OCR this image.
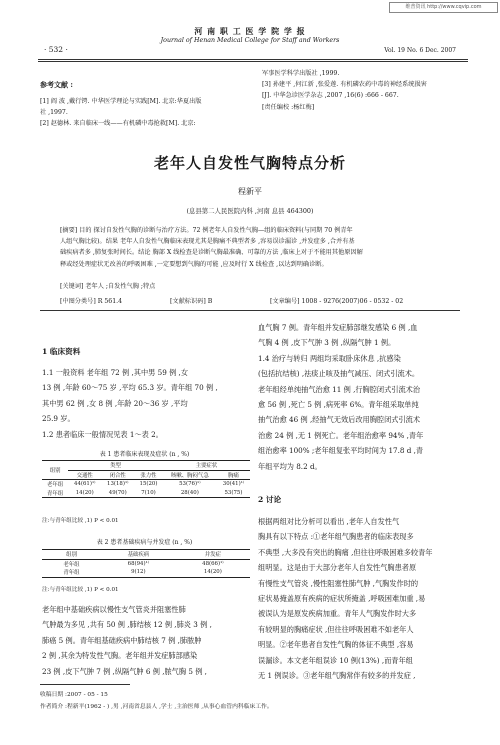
维普资讯 http://www.cqvip.com
河 南 职 工 医 学 院 学 报
Journal of Henan Medical College for Staff and Workers
· 532 ·	Vol. 19 No. 6 Dec. 2007
参考文献 :
[1] 阎 波 ,戴行锷. 中华医学理论与实践[M]. 北京:华夏出版
社 ,1997.
[2] 赵德林. 来自临床一线——有机磷中毒抢救[M]. 北京:
军事医学科学出版社 ,1999.
[3] 孙建平 ,何江新 ,张爱莲. 有机磷农药中毒的神经系统损害
[J]. 中华急诊医学杂志 ,2007 ,16(6) :666 - 667.
[责任编校 :杨红梅]
老年人自发性气胸特点分析
程新平
(息县第二人民医院内科 ,河南 息县 464300)
[摘要] 目的 探讨自发性气胸的诊断与治疗方法。72 例老年人自发性气胸—组的临床资料(与同期 70 例青年
人组气胸比较)。结果 老年人自发性气胸临床表现尤其是胸痛不典型者多 ,容易误诊漏诊 ,并发症多 ,合并有基
础疾病者多 ,肺复张时间长。结论 胸部 X 线检查是诊断气胸最准确、可靠的方法 ,临床上对于不能用其他原因解
释或经处理症状无改善的呼吸困难 ,一定要想到气胸的可能 ,应及时行 X 线检查 ,以达到明确诊断。
[关键词] 老年人 ;自发性气胸 ;特点
[中图分类号] R 561.4	[文献标识码] B	[文章编号] 1008 - 9276(2007)06 - 0532 - 02
1 临床资料
1.1 一般资料 老年组 72 例 ,其中男 59 例 ,女
13 例 ,年龄 60～75 岁 ,平均 65.3 岁。青年组 70 例 ,
其中男 62 例 ,女 8 例 ,年龄 20～36 岁 ,平均
25.9 岁。
1.2 患者临床一般情况见表 1～表 2。
表 1 患者临床表现及症状 (n , %)
组别	类型			主要症状	
	交通性	闭合性	张力性	咳嗽、胸闷气急	胸痛
老年组	44(61)¹⁾	13(18)¹⁾	15(20)	53(76)¹⁾	30(41)¹⁾
青年组	14(20)	49(70)	7(10)	28(40)	53(75)
注:与青年组比较 ,1) P < 0.01
表 2 患者基础疾病与并发症 (n , %)
组别	基础疾病	并发症
老年组	68(94)¹⁾	48(66)¹⁾
青年组	9(12)	14(20)
注:与青年组比较 ,1) P < 0.01
老年组中基础疾病以慢性支气管炎并阻塞性肺
气肿最为多见 ,共有 50 例 ,肺结核 12 例 ,肺炎 3 例 ,
肺癌 5 例。青年组基础疾病中肺结核 7 例 ,肺脓肿
2 例 ,其余为特发性气胸。老年组并发症肺部感染
23 例 ,皮下气肿 7 例 ,纵隔气肿 6 例 ,脓气胸 5 例 ,
血气胸 7 例。青年组并发症肺部继发感染 6 例 ,血
气胸 4 例 ,皮下气肿 3 例 ,纵隔气肿 1 例。
1.4 治疗与转归 两组均采取卧床休息 ,抗感染
(包括抗结核) ,祛痰止咳及抽气减压、闭式引流术。
老年组经单纯抽气治愈 11 例 ,行胸腔闭式引流术治
愈 56 例 ,死亡 5 例 ,病死率 6%。青年组采取单纯
抽气治愈 46 例 ,经抽气无效后改用胸腔闭式引流术
治愈 24 例 ,无 1 例死亡。老年组治愈率 94% ,青年
组治愈率 100% ;老年组复张平均时间为 17.8 d ,青
年组平均为 8.2 d。
2 讨论
根据两组对比分析可以看出 ,老年人自发性气
胸具有以下特点 :①老年组气胸患者的临床表现多
不典型 ,大多没有突出的胸痛 ,但往往呼吸困难多较青年
组明显。这是由于大部分老年人自发性气胸患者原
有慢性支气管炎 ,慢性阻塞性肺气肿 ,气胸发作时的
症状易掩盖原有疾病的症状所掩盖 ,呼吸困难加重 ,易
被误认为是原发疾病加重。青年人气胸发作时大多
有较明显的胸痛症状 ,但往往呼吸困难不如老年人
明显。②老年患者自发性气胸的体征不典型 ,容易
误漏诊。本文老年组误诊 10 例(13%) ,而青年组
无 1 例误诊。③老年组气胸常伴有较多的并发症 ,
收稿日期 :2007 - 05 - 15
作者简介 :程新平(1962 - ) ,男 ,河南省息县人 ,学士 ,主治医师 ,从事心血管内科临床工作。
